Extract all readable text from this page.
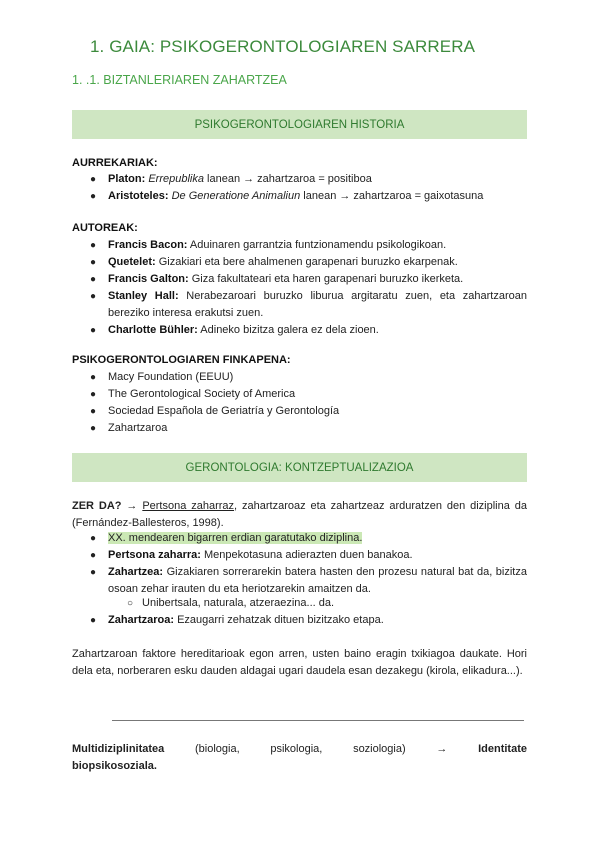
1. GAIA: PSIKOGERONTOLOGIAREN SARRERA
1. .1. BIZTANLERIAREN ZAHARTZEA
PSIKOGERONTOLOGIAREN HISTORIA
AURREKARIAK:
● Platon: Errepublika lanean → zahartzaroa = positiboa
● Aristoteles: De Generatione Animaliun lanean → zahartzaroa = gaixotasuna
AUTOREAK:
● Francis Bacon: Aduinaren garrantzia funtzionamendu psikologikoan.
● Quetelet: Gizakiari eta bere ahalmenen garapenari buruzko ekarpenak.
● Francis Galton: Giza fakultateari eta haren garapenari buruzko ikerketa.
● Stanley Hall: Nerabezaroari buruzko liburua argitaratu zuen, eta zahartzaroan bereziko interesa erakutsi zuen.
● Charlotte Bühler: Adineko bizitza galera ez dela zioen.
PSIKOGERONTOLOGIAREN FINKAPENA:
● Macy Foundation (EEUU)
● The Gerontological Society of America
● Sociedad Española de Geriatría y Gerontología
● Zahartzaroa
GERONTOLOGIA: KONTZEPTUALIZAZIOA
ZER DA? → Pertsona zaharraz, zahartzaroaz eta zahartzeaz arduratzen den diziplina da (Fernández-Ballesteros, 1998).
● XX. mendearen bigarren erdian garatutako diziplina.
● Pertsona zaharra: Menpekotasuna adierazten duen banakoa.
● Zahartzea: Gizakiaren sorrerarekin batera hasten den prozesu natural bat da, bizitza osoan zehar irauten du eta heriotzarekin amaitzen da.
○ Unibertsala, naturala, atzeraezina... da.
● Zahartzaroa: Ezaugarri zehatzak dituen bizitzako etapa.
Zahartzaroan faktore hereditarioak egon arren, usten baino eragin txikiagoa daukate. Hori dela eta, norberaren esku dauden aldagai ugari daudela esan dezakegu (kirola, elikadura...).
Multidiziplinitatea	(biologia,	psikologia,	soziologia)	→	Identitate
biopsikosoziala.
